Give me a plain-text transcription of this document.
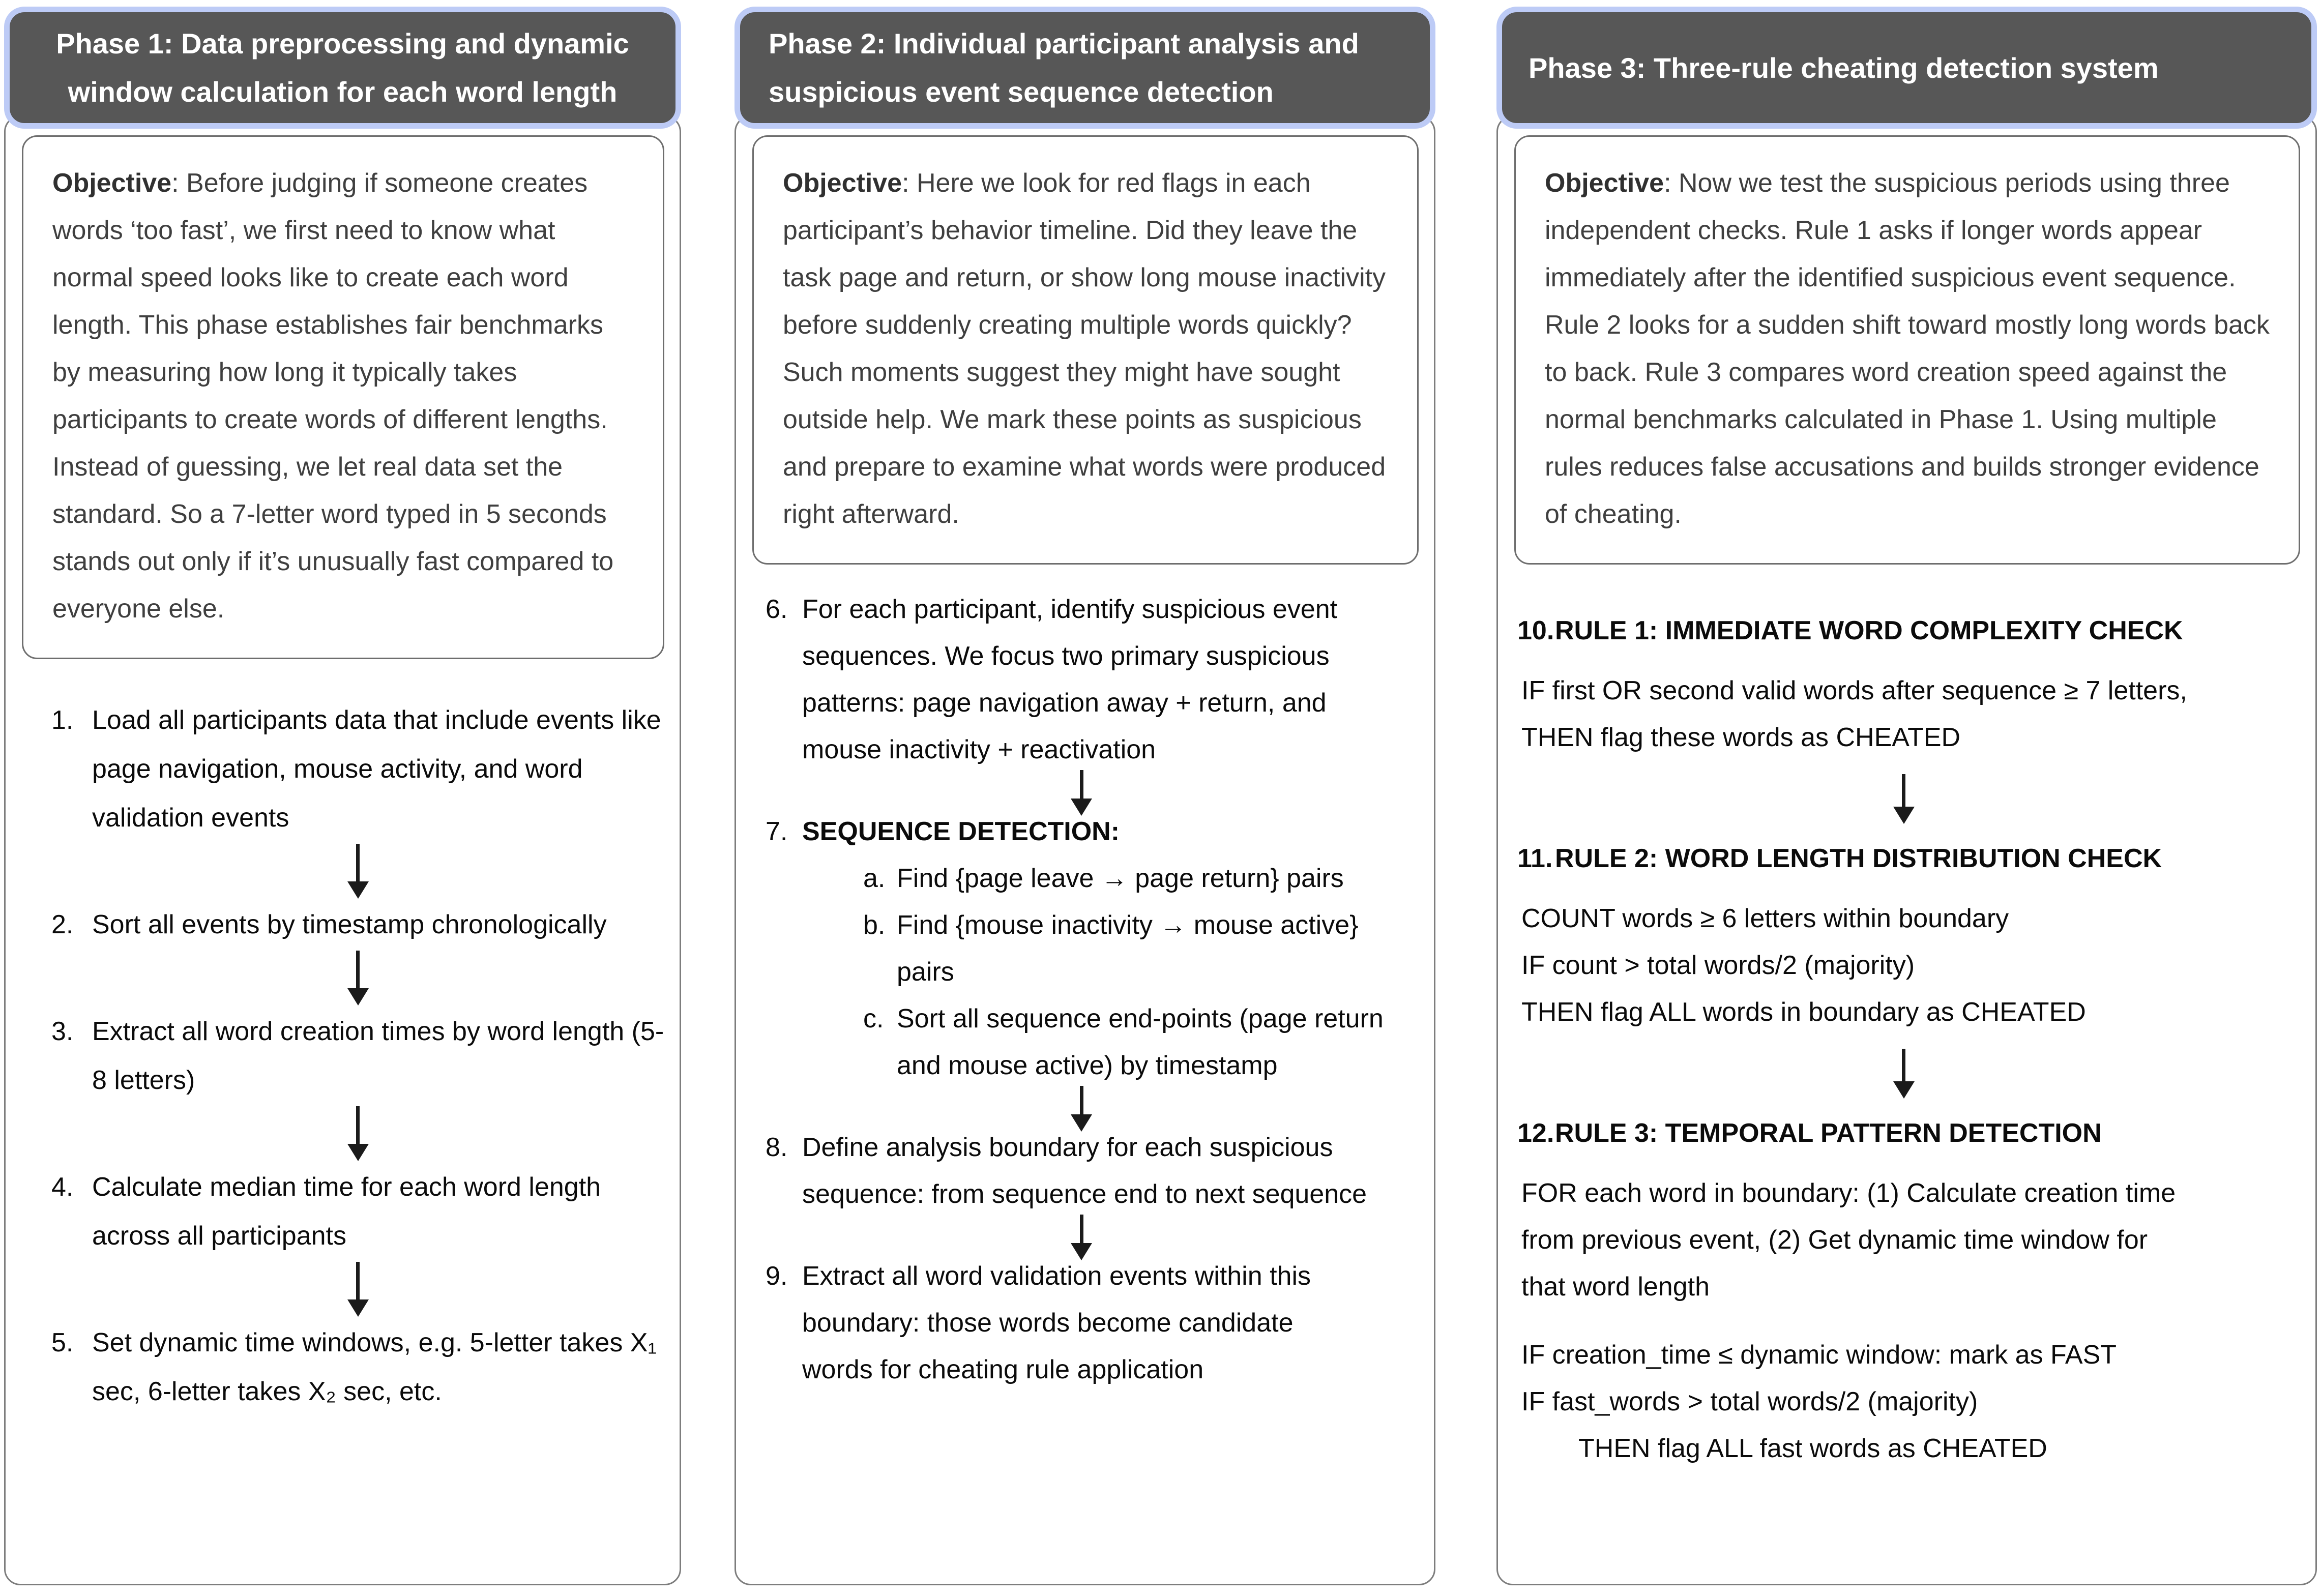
Phase 1: Data preprocessing and dynamic window calculation for each word length
Objective: Before judging if someone creates words ‘too fast’, we first need to know what normal speed looks like to create each word length. This phase establishes fair benchmarks by measuring how long it typically takes participants to create words of different lengths. Instead of guessing, we let real data set the standard. So a 7-letter word typed in 5 seconds stands out only if it’s unusually fast compared to everyone else.
1. Load all participants data that include events like page navigation, mouse activity, and word validation events
2. Sort all events by timestamp chronologically
3. Extract all word creation times by word length (5-8 letters)
4. Calculate median time for each word length across all participants
5. Set dynamic time windows, e.g. 5-letter takes X₁ sec, 6-letter takes X₂ sec, etc.
Phase 2: Individual participant analysis and suspicious event sequence detection
Objective: Here we look for red flags in each participant’s behavior timeline. Did they leave the task page and return, or show long mouse inactivity before suddenly creating multiple words quickly? Such moments suggest they might have sought outside help. We mark these points as suspicious and prepare to examine what words were produced right afterward.
6. For each participant, identify suspicious event sequences. We focus two primary suspicious patterns: page navigation away + return, and mouse inactivity + reactivation
7. SEQUENCE DETECTION:
a. Find {page leave → page return} pairs
b. Find {mouse inactivity → mouse active} pairs
c. Sort all sequence end-points (page return and mouse active) by timestamp
8. Define analysis boundary for each suspicious sequence: from sequence end to next sequence
9. Extract all word validation events within this boundary: those words become candidate words for cheating rule application
Phase 3: Three-rule cheating detection system
Objective: Now we test the suspicious periods using three independent checks. Rule 1 asks if longer words appear immediately after the identified suspicious event sequence. Rule 2 looks for a sudden shift toward mostly long words back to back. Rule 3 compares word creation speed against the normal benchmarks calculated in Phase 1. Using multiple rules reduces false accusations and builds stronger evidence of cheating.
10. RULE 1: IMMEDIATE WORD COMPLEXITY CHECK

IF first OR second valid words after sequence ≥ 7 letters,

THEN flag these words as CHEATED

11. RULE 2: WORD LENGTH DISTRIBUTION CHECK

COUNT words ≥ 6 letters within boundary

IF count > total words/2 (majority)

THEN flag ALL words in boundary as CHEATED

12. RULE 3: TEMPORAL PATTERN DETECTION

FOR each word in boundary: (1) Calculate creation time from previous event, (2) Get dynamic time window for that word length

IF creation_time ≤ dynamic window: mark as FAST

IF fast_words > total words/2 (majority)

THEN flag ALL fast words as CHEATED
